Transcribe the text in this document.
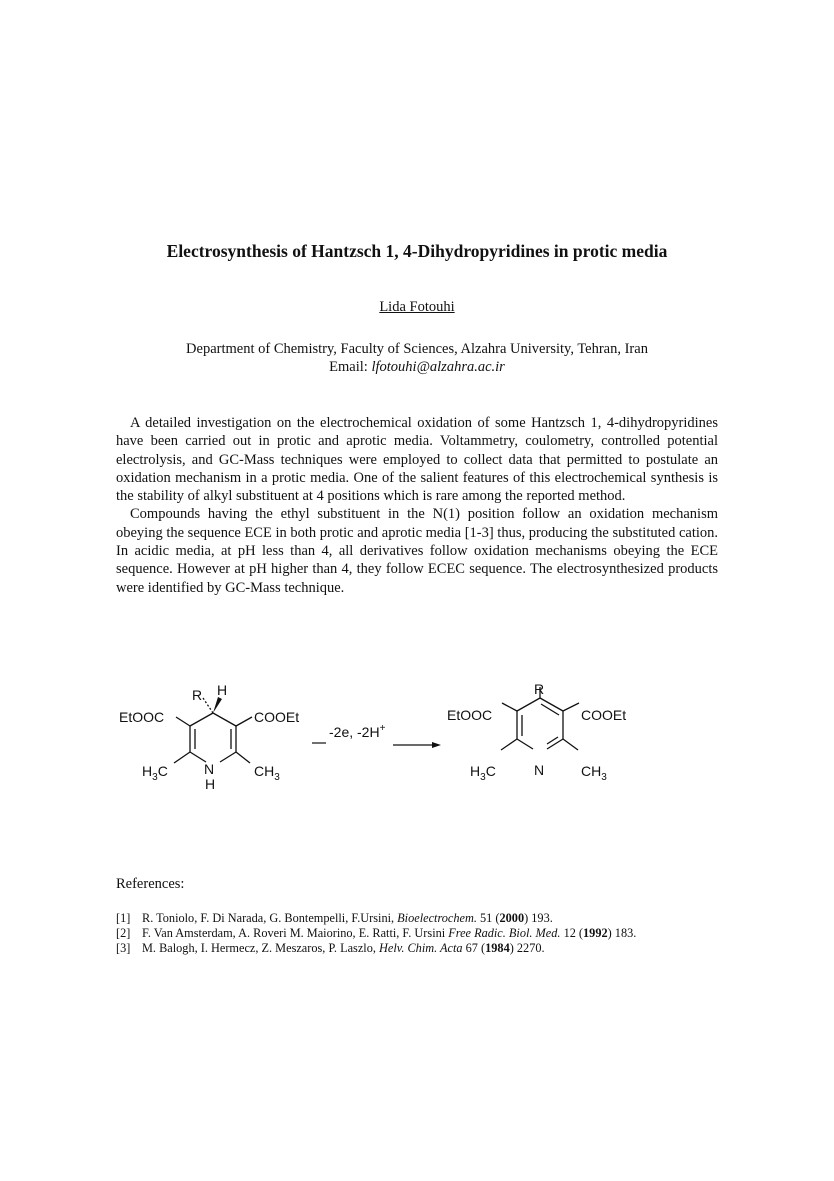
Electrosynthesis of Hantzsch 1, 4-Dihydropyridines in protic media
Lida Fotouhi
Department of Chemistry, Faculty of Sciences, Alzahra University, Tehran, Iran
Email: lfotouhi@alzahra.ac.ir

A detailed investigation on the electrochemical oxidation of some Hantzsch 1, 4-dihydropyridines have been carried out in protic and aprotic media. Voltammetry, coulometry, controlled potential electrolysis, and GC-Mass techniques were employed to collect data that permitted to postulate an oxidation mechanism in a protic media. One of the salient features of this electrochemical synthesis is the stability of alkyl substituent at 4 positions which is rare among the reported method.

Compounds having the ethyl substituent in the N(1) position follow an oxidation mechanism obeying the sequence ECE in both protic and aprotic media [1-3] thus, producing the substituted cation. In acidic media, at pH less than 4, all derivatives follow oxidation mechanisms obeying the ECE sequence. However at pH higher than 4, they follow ECEC sequence. The electrosynthesized products were identified by GC-Mass technique.

R H
EtOOC	COOEt
$H_3C$	$CH_3$
N
H
-2e, -2H+
R
EtOOC	COOEt
$H_3C$	$CH_3$
N
References:
[1] R. Toniolo, F. Di Narada, G. Bontempelli, F.Ursini, Bioelectrochem. 51 (2000) 193.
[2] F. Van Amsterdam, A. Roveri M. Maiorino, E. Ratti, F. Ursini Free Radic. Biol. Med. 12 (1992) 183.
[3] M. Balogh, I. Hermecz, Z. Meszaros, P. Laszlo, Helv. Chim. Acta 67 (1984) 2270.
